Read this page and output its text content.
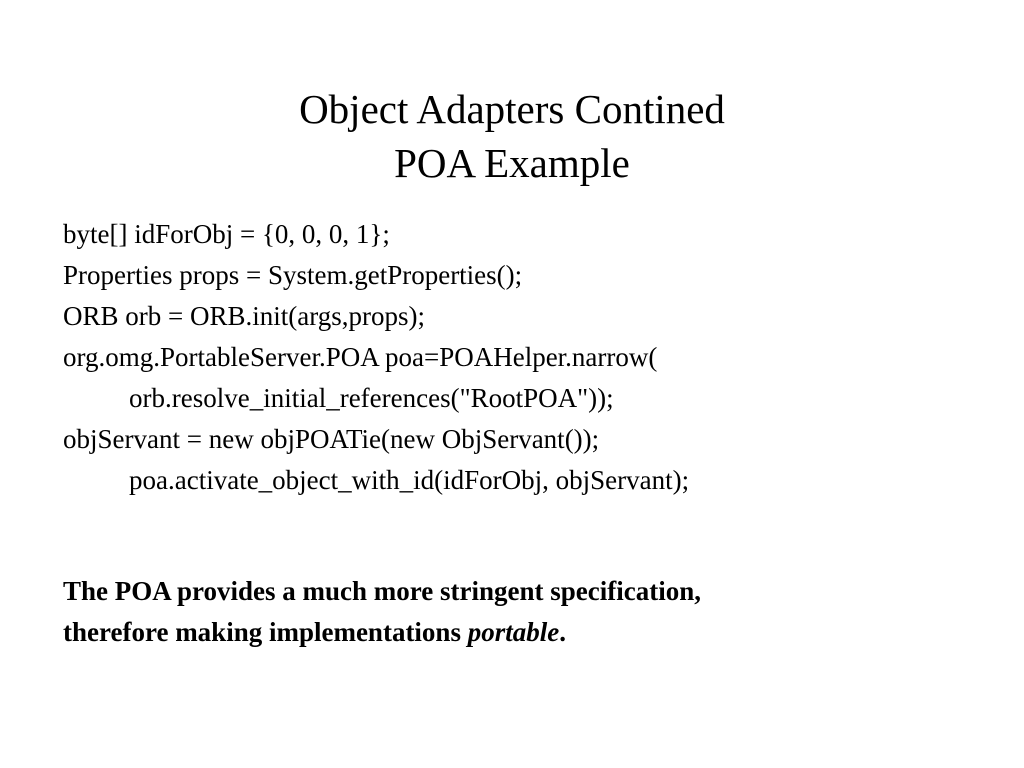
Object Adapters Contined
POA Example
byte[] idForObj = {0, 0, 0, 1};
Properties props = System.getProperties();
ORB orb = ORB.init(args,props);
org.omg.PortableServer.POA poa=POAHelper.narrow(
orb.resolve_initial_references("RootPOA"));
objServant = new objPOATie(new ObjServant());
poa.activate_object_with_id(idForObj, objServant);
The POA provides a much more stringent specification,
therefore making implementations portable.
